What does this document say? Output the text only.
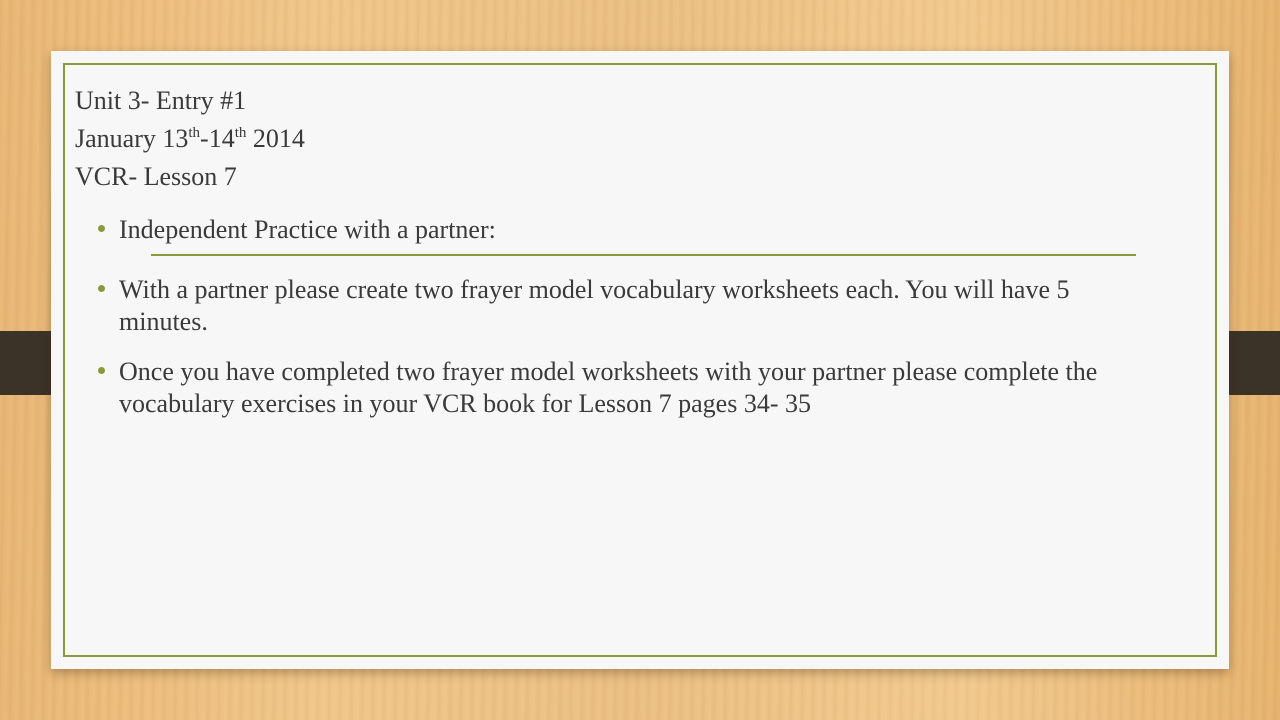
Unit 3- Entry #1
January 13th-14th 2014
VCR- Lesson 7
Independent Practice with a partner:
With a partner please create two frayer model vocabulary worksheets each. You will have 5 minutes.
Once you have completed two frayer model worksheets with your partner please complete the vocabulary exercises in your VCR book for Lesson 7 pages 34- 35
